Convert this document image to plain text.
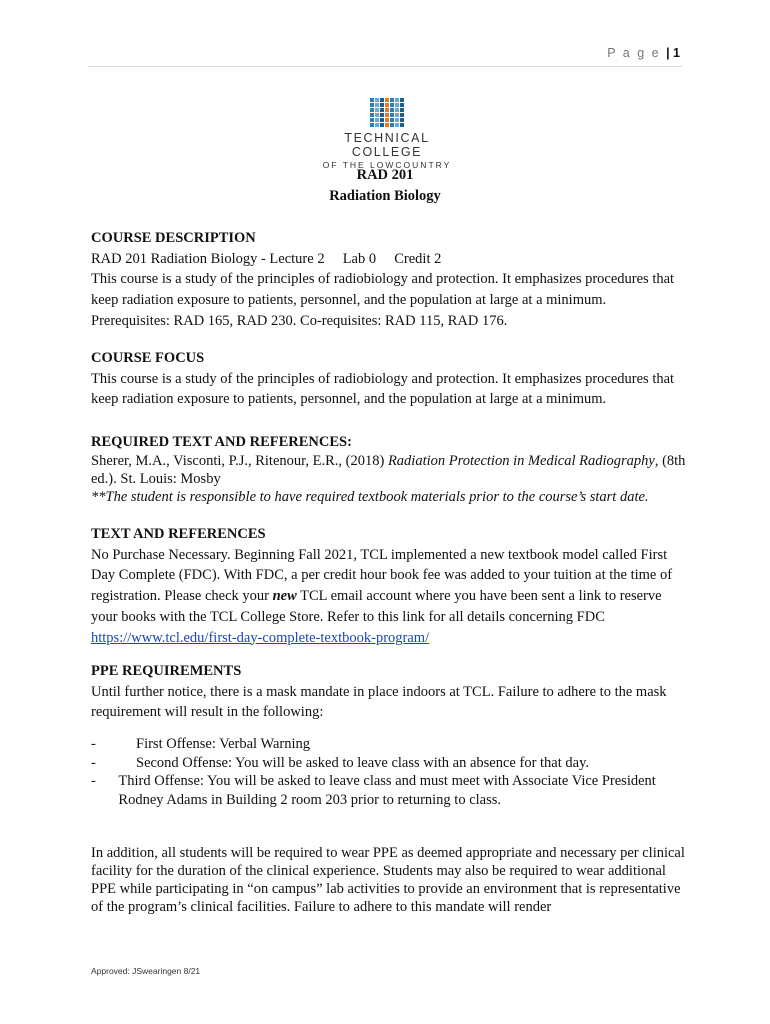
P a g e | 1
TECHNICAL COLLEGE
OF THE LOWCOUNTRY
RAD 201
Radiation Biology
COURSE DESCRIPTION
RAD 201 Radiation Biology - Lecture 2     Lab 0     Credit 2
This course is a study of the principles of radiobiology and protection. It emphasizes procedures that keep radiation exposure to patients, personnel, and the population at large at a minimum.
Prerequisites: RAD 165, RAD 230. Co-requisites: RAD 115, RAD 176.
COURSE FOCUS
This course is a study of the principles of radiobiology and protection. It emphasizes procedures that keep radiation exposure to patients, personnel, and the population at large at a minimum.
REQUIRED TEXT AND REFERENCES:
Sherer, M.A., Visconti, P.J., Ritenour, E.R., (2018) Radiation Protection in Medical Radiography, (8th ed.). St. Louis: Mosby
**The student is responsible to have required textbook materials prior to the course’s start date.
TEXT AND REFERENCES
No Purchase Necessary. Beginning Fall 2021, TCL implemented a new textbook model called First Day Complete (FDC). With FDC, a per credit hour book fee was added to your tuition at the time of registration. Please check your new TCL email account where you have been sent a link to reserve your books with the TCL College Store. Refer to this link for all details concerning FDC https://www.tcl.edu/first-day-complete-textbook-program/
PPE REQUIREMENTS
Until further notice, there is a mask mandate in place indoors at TCL. Failure to adhere to the mask requirement will result in the following:
-	First Offense: Verbal Warning
-	Second Offense: You will be asked to leave class with an absence for that day.
-	Third Offense: You will be asked to leave class and must meet with Associate Vice President Rodney Adams in Building 2 room 203 prior to returning to class.
In addition, all students will be required to wear PPE as deemed appropriate and necessary per clinical facility for the duration of the clinical experience. Students may also be required to wear additional PPE while participating in “on campus” lab activities to provide an environment that is representative of the program’s clinical facilities. Failure to adhere to this mandate will render
Approved: JSwearingen 8/21
